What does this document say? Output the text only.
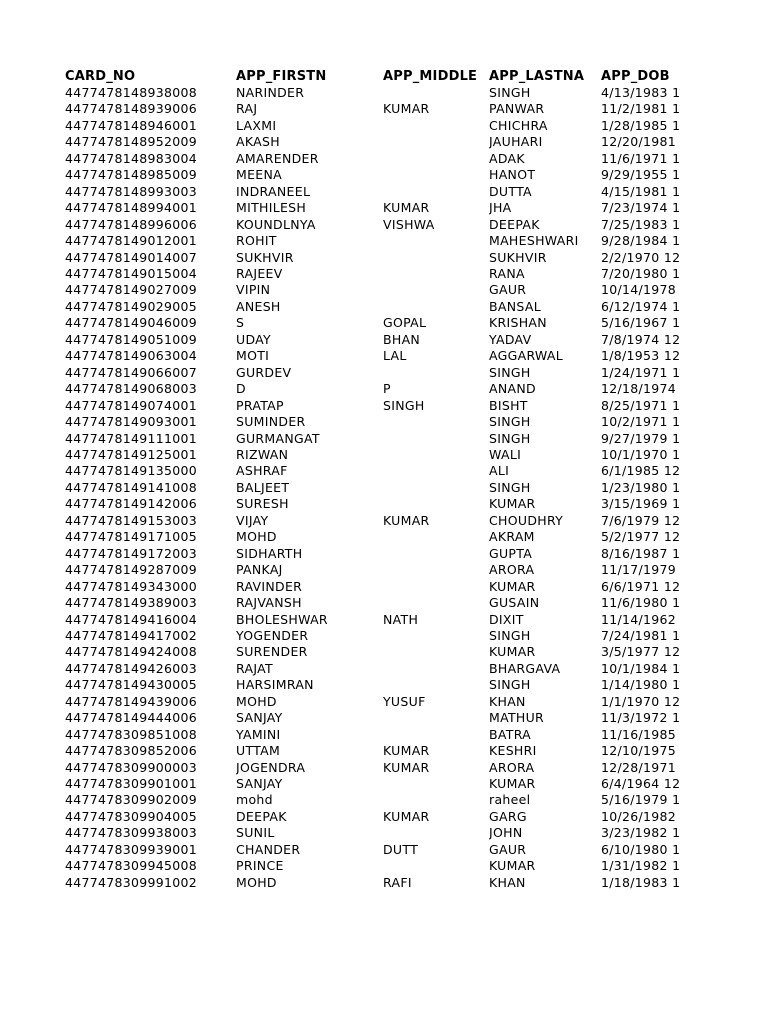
CARD_NO	APP_FIRSTN	APP_MIDDLE	APP_LASTNA	APP_DOB
4477478148938008	NARINDER		SINGH	4/13/1983 1
4477478148939006	RAJ	KUMAR	PANWAR	11/2/1981 1
4477478148946001	LAXMI		CHICHRA	1/28/1985 1
4477478148952009	AKASH		JAUHARI	12/20/1981
4477478148983004	AMARENDER		ADAK	11/6/1971 1
4477478148985009	MEENA		HANOT	9/29/1955 1
4477478148993003	INDRANEEL		DUTTA	4/15/1981 1
4477478148994001	MITHILESH	KUMAR	JHA	7/23/1974 1
4477478148996006	KOUNDLNYA	VISHWA	DEEPAK	7/25/1983 1
4477478149012001	ROHIT		MAHESHWARI	9/28/1984 1
4477478149014007	SUKHVIR		SUKHVIR	2/2/1970 12
4477478149015004	RAJEEV		RANA	7/20/1980 1
4477478149027009	VIPIN		GAUR	10/14/1978
4477478149029005	ANESH		BANSAL	6/12/1974 1
4477478149046009	S	GOPAL	KRISHAN	5/16/1967 1
4477478149051009	UDAY	BHAN	YADAV	7/8/1974 12
4477478149063004	MOTI	LAL	AGGARWAL	1/8/1953 12
4477478149066007	GURDEV		SINGH	1/24/1971 1
4477478149068003	D	P	ANAND	12/18/1974
4477478149074001	PRATAP	SINGH	BISHT	8/25/1971 1
4477478149093001	SUMINDER		SINGH	10/2/1971 1
4477478149111001	GURMANGAT		SINGH	9/27/1979 1
4477478149125001	RIZWAN		WALI	10/1/1970 1
4477478149135000	ASHRAF		ALI	6/1/1985 12
4477478149141008	BALJEET		SINGH	1/23/1980 1
4477478149142006	SURESH		KUMAR	3/15/1969 1
4477478149153003	VIJAY	KUMAR	CHOUDHRY	7/6/1979 12
4477478149171005	MOHD		AKRAM	5/2/1977 12
4477478149172003	SIDHARTH		GUPTA	8/16/1987 1
4477478149287009	PANKAJ		ARORA	11/17/1979
4477478149343000	RAVINDER		KUMAR	6/6/1971 12
4477478149389003	RAJVANSH		GUSAIN	11/6/1980 1
4477478149416004	BHOLESHWAR	NATH	DIXIT	11/14/1962
4477478149417002	YOGENDER		SINGH	7/24/1981 1
4477478149424008	SURENDER		KUMAR	3/5/1977 12
4477478149426003	RAJAT		BHARGAVA	10/1/1984 1
4477478149430005	HARSIMRAN		SINGH	1/14/1980 1
4477478149439006	MOHD	YUSUF	KHAN	1/1/1970 12
4477478149444006	SANJAY		MATHUR	11/3/1972 1
4477478309851008	YAMINI		BATRA	11/16/1985
4477478309852006	UTTAM	KUMAR	KESHRI	12/10/1975
4477478309900003	JOGENDRA	KUMAR	ARORA	12/28/1971
4477478309901001	SANJAY		KUMAR	6/4/1964 12
4477478309902009	mohd		raheel	5/16/1979 1
4477478309904005	DEEPAK	KUMAR	GARG	10/26/1982
4477478309938003	SUNIL		JOHN	3/23/1982 1
4477478309939001	CHANDER	DUTT	GAUR	6/10/1980 1
4477478309945008	PRINCE		KUMAR	1/31/1982 1
4477478309991002	MOHD	RAFI	KHAN	1/18/1983 1
